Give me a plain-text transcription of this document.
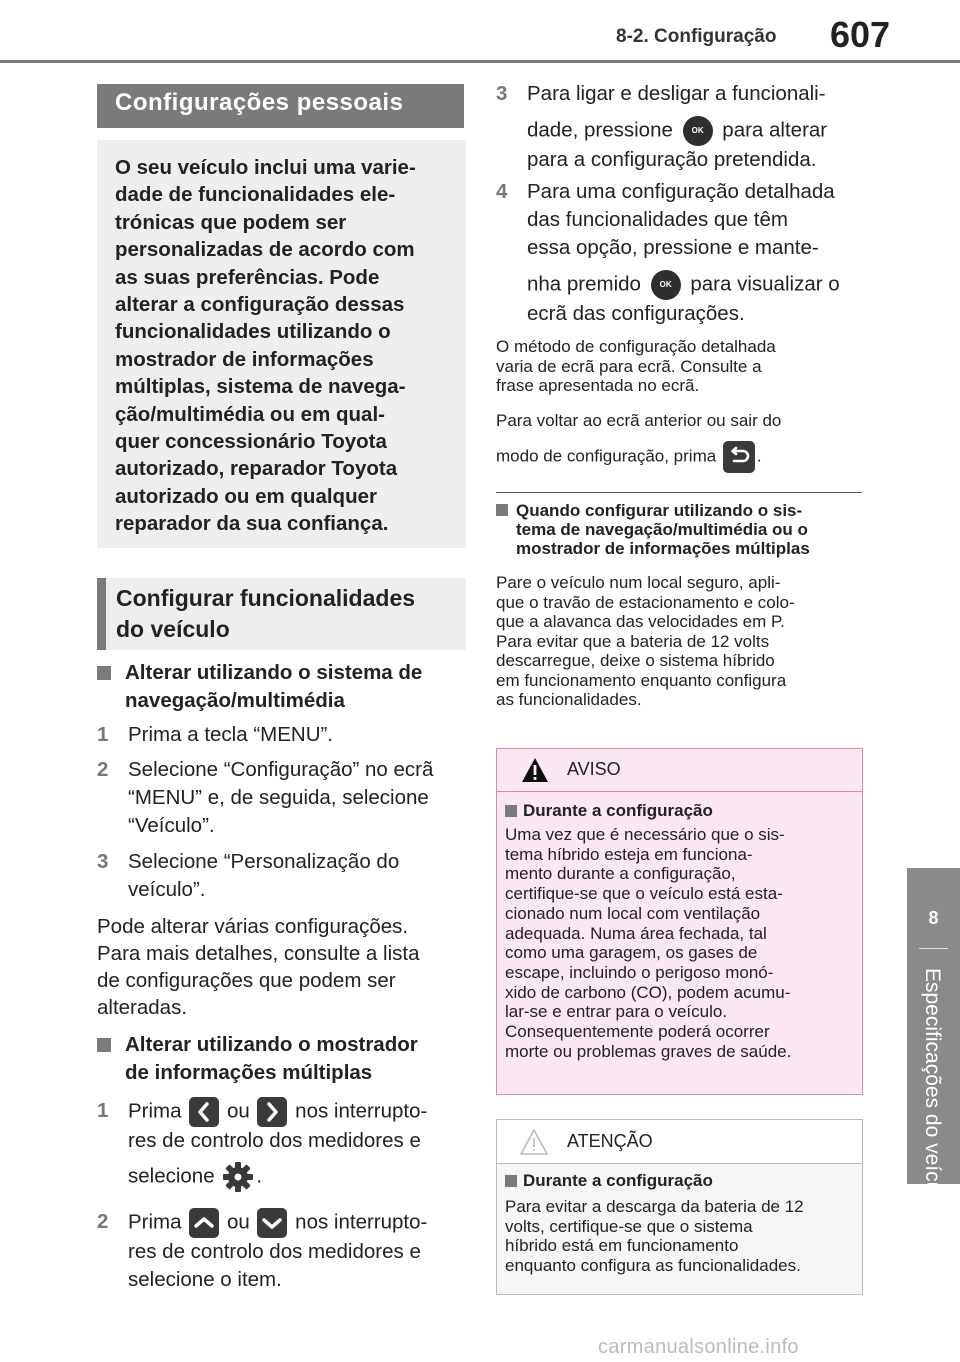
8-2. Configuração 607
8
Especificações do veículo
Configurações pessoais
O seu veículo inclui uma varie-
dade de funcionalidades ele-
trónicas que podem ser
personalizadas de acordo com
as suas preferências. Pode
alterar a configuração dessas
funcionalidades utilizando o
mostrador de informações
múltiplas, sistema de navega-
ção/multimédia ou em qual-
quer concessionário Toyota
autorizado, reparador Toyota
autorizado ou em qualquer
reparador da sua confiança.
Configurar funcionalidades
do veículo
Alterar utilizando o sistema de
navegação/multimédia
1 Prima a tecla “MENU”.
2 Selecione “Configuração” no ecrã
“MENU” e, de seguida, selecione
“Veículo”.
3 Selecione “Personalização do
veículo”.
Pode alterar várias configurações.
Para mais detalhes, consulte a lista
de configurações que podem ser
alteradas.
Alterar utilizando o mostrador
de informações múltiplas
1 Prima ou nos interrupto-
res de controlo dos medidores e
selecione .
2 Prima ou nos interrupto-
res de controlo dos medidores e
selecione o item.
3 Para ligar e desligar a funcionali-
dade, pressione OK para alterar
para a configuração pretendida.
4 Para uma configuração detalhada
das funcionalidades que têm
essa opção, pressione e mante-
nha premido OK para visualizar o
ecrã das configurações.
O método de configuração detalhada
varia de ecrã para ecrã. Consulte a
frase apresentada no ecrã.
Para voltar ao ecrã anterior ou sair do
modo de configuração, prima .
Quando configurar utilizando o sis-
tema de navegação/multimédia ou o
mostrador de informações múltiplas
Pare o veículo num local seguro, apli-
que o travão de estacionamento e colo-
que a alavanca das velocidades em P.
Para evitar que a bateria de 12 volts
descarregue, deixe o sistema híbrido
em funcionamento enquanto configura
as funcionalidades.
AVISO
Durante a configuração
Uma vez que é necessário que o sis-
tema híbrido esteja em funciona-
mento durante a configuração,
certifique-se que o veículo está esta-
cionado num local com ventilação
adequada. Numa área fechada, tal
como uma garagem, os gases de
escape, incluindo o perigoso monó-
xido de carbono (CO), podem acumu-
lar-se e entrar para o veículo.
Consequentemente poderá ocorrer
morte ou problemas graves de saúde.
ATENÇÃO
Durante a configuração
Para evitar a descarga da bateria de 12
volts, certifique-se que o sistema
híbrido está em funcionamento
enquanto configura as funcionalidades.
carmanualsonline.info
